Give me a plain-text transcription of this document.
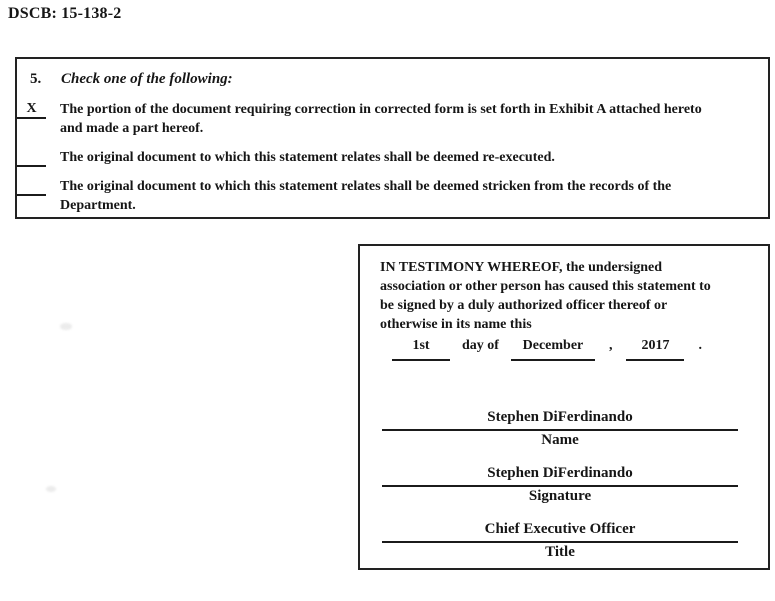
DSCB: 15-138-2
5.	Check one of the following:
X	The portion of the document requiring correction in corrected form is set forth in Exhibit A attached hereto
and made a part hereof.
The original document to which this statement relates shall be deemed re-executed.
The original document to which this statement relates shall be deemed stricken from the records of the
Department.
IN TESTIMONY WHEREOF, the undersigned
association or other person has caused this statement to
be signed by a duly authorized officer thereof or
otherwise in its name this
1st	day of	December	,	2017	.
Stephen DiFerdinando
Name
Stephen DiFerdinando
Signature
Chief Executive Officer
Title
